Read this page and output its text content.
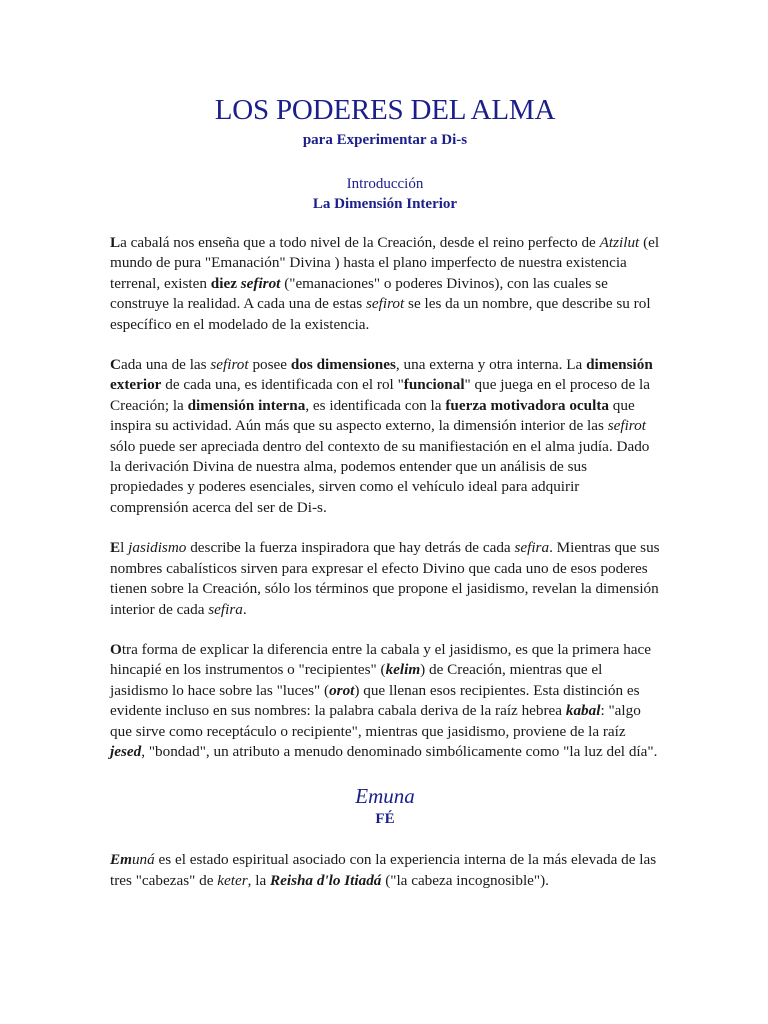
LOS PODERES DEL ALMA
para Experimentar a Di-s
Introducción
La Dimensión Interior

La cabalá nos enseña que a todo nivel de la Creación, desde el reino perfecto de Atzilut (el mundo de pura "Emanación" Divina ) hasta el plano imperfecto de nuestra existencia terrenal, existen diez sefirot ("emanaciones" o poderes Divinos), con las cuales se construye la realidad. A cada una de estas sefirot se les da un nombre, que describe su rol específico en el modelado de la existencia.

Cada una de las sefirot posee dos dimensiones, una externa y otra interna. La dimensión exterior de cada una, es identificada con el rol "funcional" que juega en el proceso de la Creación; la dimensión interna, es identificada con la fuerza motivadora oculta que inspira su actividad. Aún más que su aspecto externo, la dimensión interior de las sefirot sólo puede ser apreciada dentro del contexto de su manifiestación en el alma judía. Dado la derivación Divina de nuestra alma, podemos entender que un análisis de sus propiedades y poderes esenciales, sirven como el vehículo ideal para adquirir comprensión acerca del ser de Di-s.

El jasidismo describe la fuerza inspiradora que hay detrás de cada sefira. Mientras que sus nombres cabalísticos sirven para expresar el efecto Divino que cada uno de esos poderes tienen sobre la Creación, sólo los términos que propone el jasidismo, revelan la dimensión interior de cada sefira.

Otra forma de explicar la diferencia entre la cabala y el jasidismo, es que la primera hace hincapié en los instrumentos o "recipientes" (kelim) de Creación, mientras que el jasidismo lo hace sobre las "luces" (orot) que llenan esos recipientes. Esta distinción es evidente incluso en sus nombres: la palabra cabala deriva de la raíz hebrea kabal: "algo que sirve como receptáculo o recipiente", mientras que jasidismo, proviene de la raíz jesed, "bondad", un atributo a menudo denominado simbólicamente como "la luz del día".

Emuna
FÉ

Emuná es el estado espiritual asociado con la experiencia interna de la más elevada de las tres "cabezas" de keter, la Reisha d'lo Itiadá ("la cabeza incognosible").
